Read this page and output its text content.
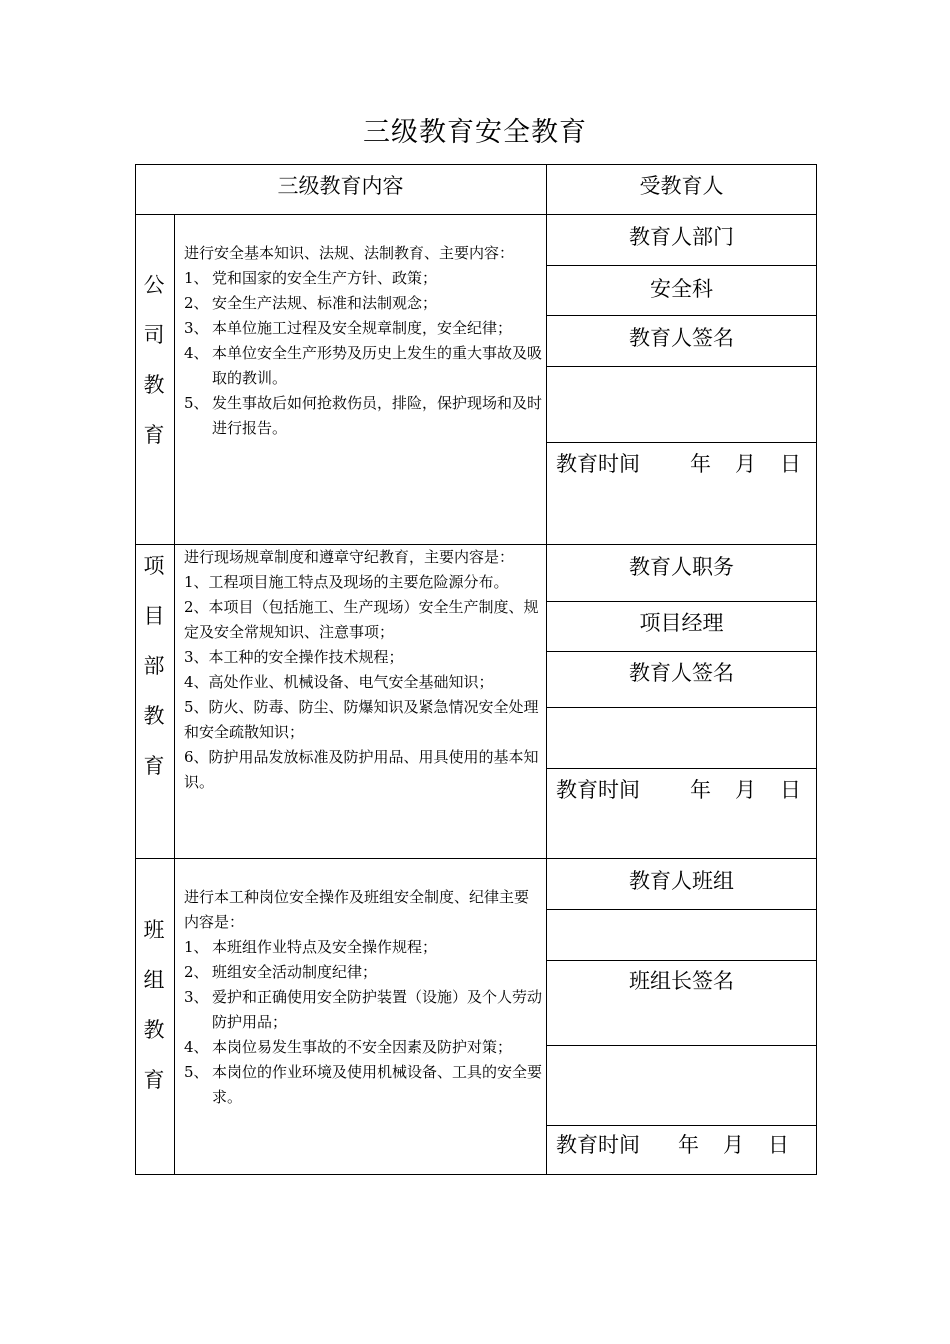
三级教育安全教育
三级教育内容	受教育人
公
司
教
育
进行安全基本知识、法规、法制教育、主要内容：
1、 党和国家的安全生产方针、政策；
2、 安全生产法规、标准和法制观念；
3、 本单位施工过程及安全规章制度，安全纪律；
4、 本单位安全生产形势及历史上发生的重大事故及吸取的教训。
5、 发生事故后如何抢救伤员，排险，保护现场和及时进行报告。
教育人部门
安全科
教育人签名
教育时间 年 月 日
项
目
部
教
育
进行现场规章制度和遵章守纪教育，主要内容是：
1、工程项目施工特点及现场的主要危险源分布。
2、本项目（包括施工、生产现场）安全生产制度、规定及安全常规知识、注意事项；
3、本工种的安全操作技术规程；
4、高处作业、机械设备、电气安全基础知识；
5、防火、防毒、防尘、防爆知识及紧急情况安全处理和安全疏散知识；
6、防护用品发放标准及防护用品、用具使用的基本知识。
教育人职务
项目经理
教育人签名
教育时间 年 月 日
班
组
教
育
进行本工种岗位安全操作及班组安全制度、纪律主要内容是：
1、 本班组作业特点及安全操作规程；
2、 班组安全活动制度纪律；
3、 爱护和正确使用安全防护装置（设施）及个人劳动防护用品；
4、 本岗位易发生事故的不安全因素及防护对策；
5、 本岗位的作业环境及使用机械设备、工具的安全要求。
教育人班组
班组长签名
教育时间 年 月 日
